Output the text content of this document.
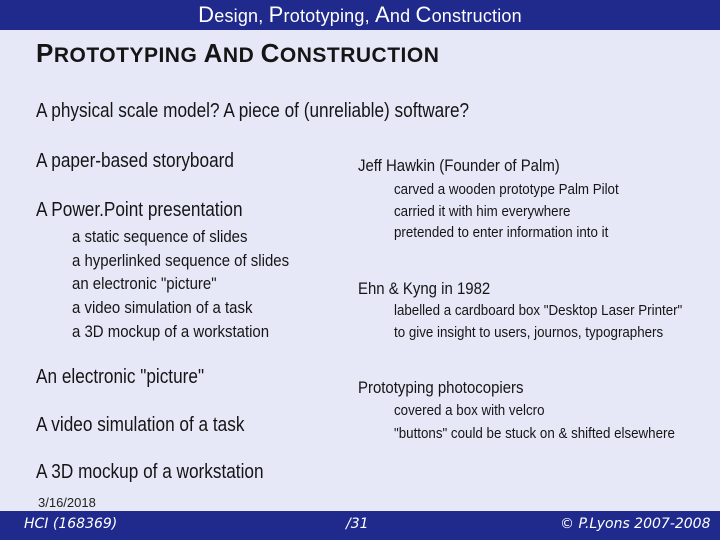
Design, Prototyping, And Construction
PROTOTYPING AND CONSTRUCTION
A physical scale model? A piece of (unreliable) software?
A paper-based storyboard
A Power.Point presentation
a static sequence of slides
a hyperlinked sequence of slides
an electronic "picture"
a video simulation of a task
a 3D mockup of a workstation
An electronic "picture"
A video simulation of a task
A 3D mockup of a workstation
Jeff Hawkin (Founder of Palm)
carved a wooden prototype Palm Pilot
carried it with him everywhere
pretended to enter information into it
Ehn & Kyng in 1982
labelled a cardboard box "Desktop Laser Printer"
to give insight to users, journos, typographers
Prototyping photocopiers
covered a box with velcro
"buttons" could be stuck on & shifted elsewhere
3/16/2018
HCI (168369)	/31	© P.Lyons 2007-2008
